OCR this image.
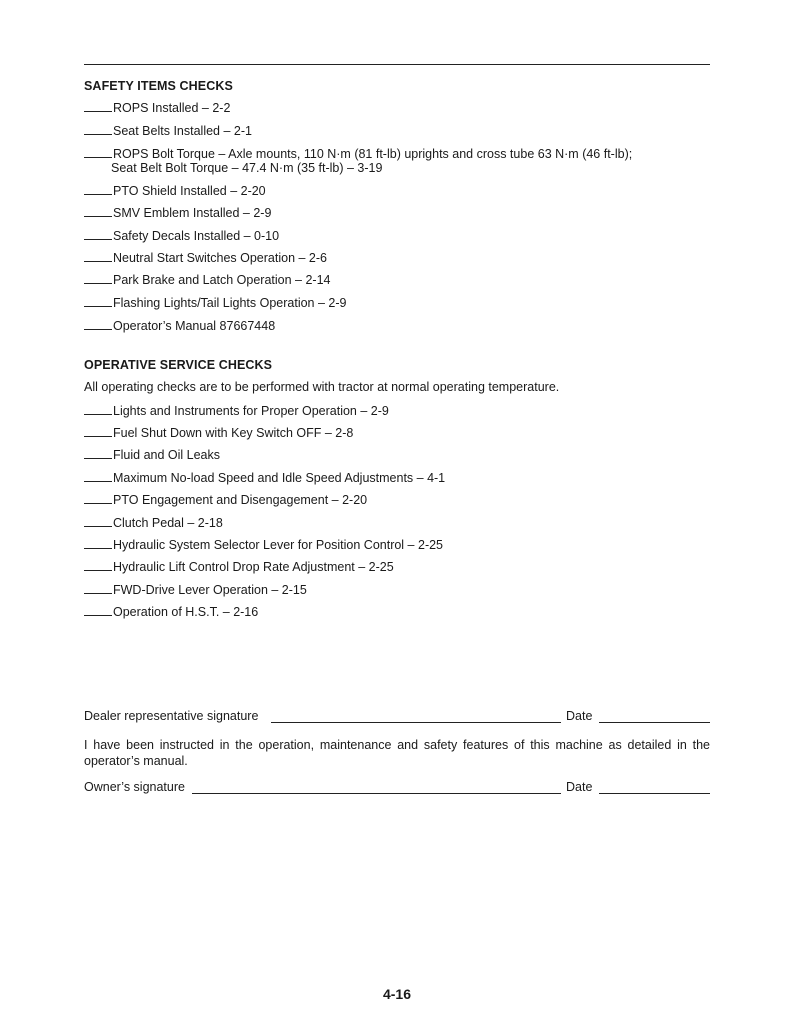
SAFETY ITEMS CHECKS
ROPS Installed – 2-2
Seat Belts Installed – 2-1
ROPS Bolt Torque – Axle mounts, 110 N·m (81 ft-lb) uprights and cross tube 63 N·m (46 ft-lb);
Seat Belt Bolt Torque – 47.4 N·m (35 ft-lb) – 3-19
PTO Shield Installed – 2-20
SMV Emblem Installed – 2-9
Safety Decals Installed – 0-10
Neutral Start Switches Operation – 2-6
Park Brake and Latch Operation – 2-14
Flashing Lights/Tail Lights Operation – 2-9
Operator’s Manual 87667448
OPERATIVE SERVICE CHECKS
All operating checks are to be performed with tractor at normal operating temperature.
Lights and Instruments for Proper Operation – 2-9
Fuel Shut Down with Key Switch OFF – 2-8
Fluid and Oil Leaks
Maximum No-load Speed and Idle Speed Adjustments – 4-1
PTO Engagement and Disengagement – 2-20
Clutch Pedal – 2-18
Hydraulic System Selector Lever for Position Control – 2-25
Hydraulic Lift Control Drop Rate Adjustment – 2-25
FWD-Drive Lever Operation – 2-15
Operation of H.S.T. – 2-16
Dealer representative signature	Date
I have been instructed in the operation, maintenance and safety features of this machine as detailed in the operator’s manual.
Owner’s signature	Date
4-16
